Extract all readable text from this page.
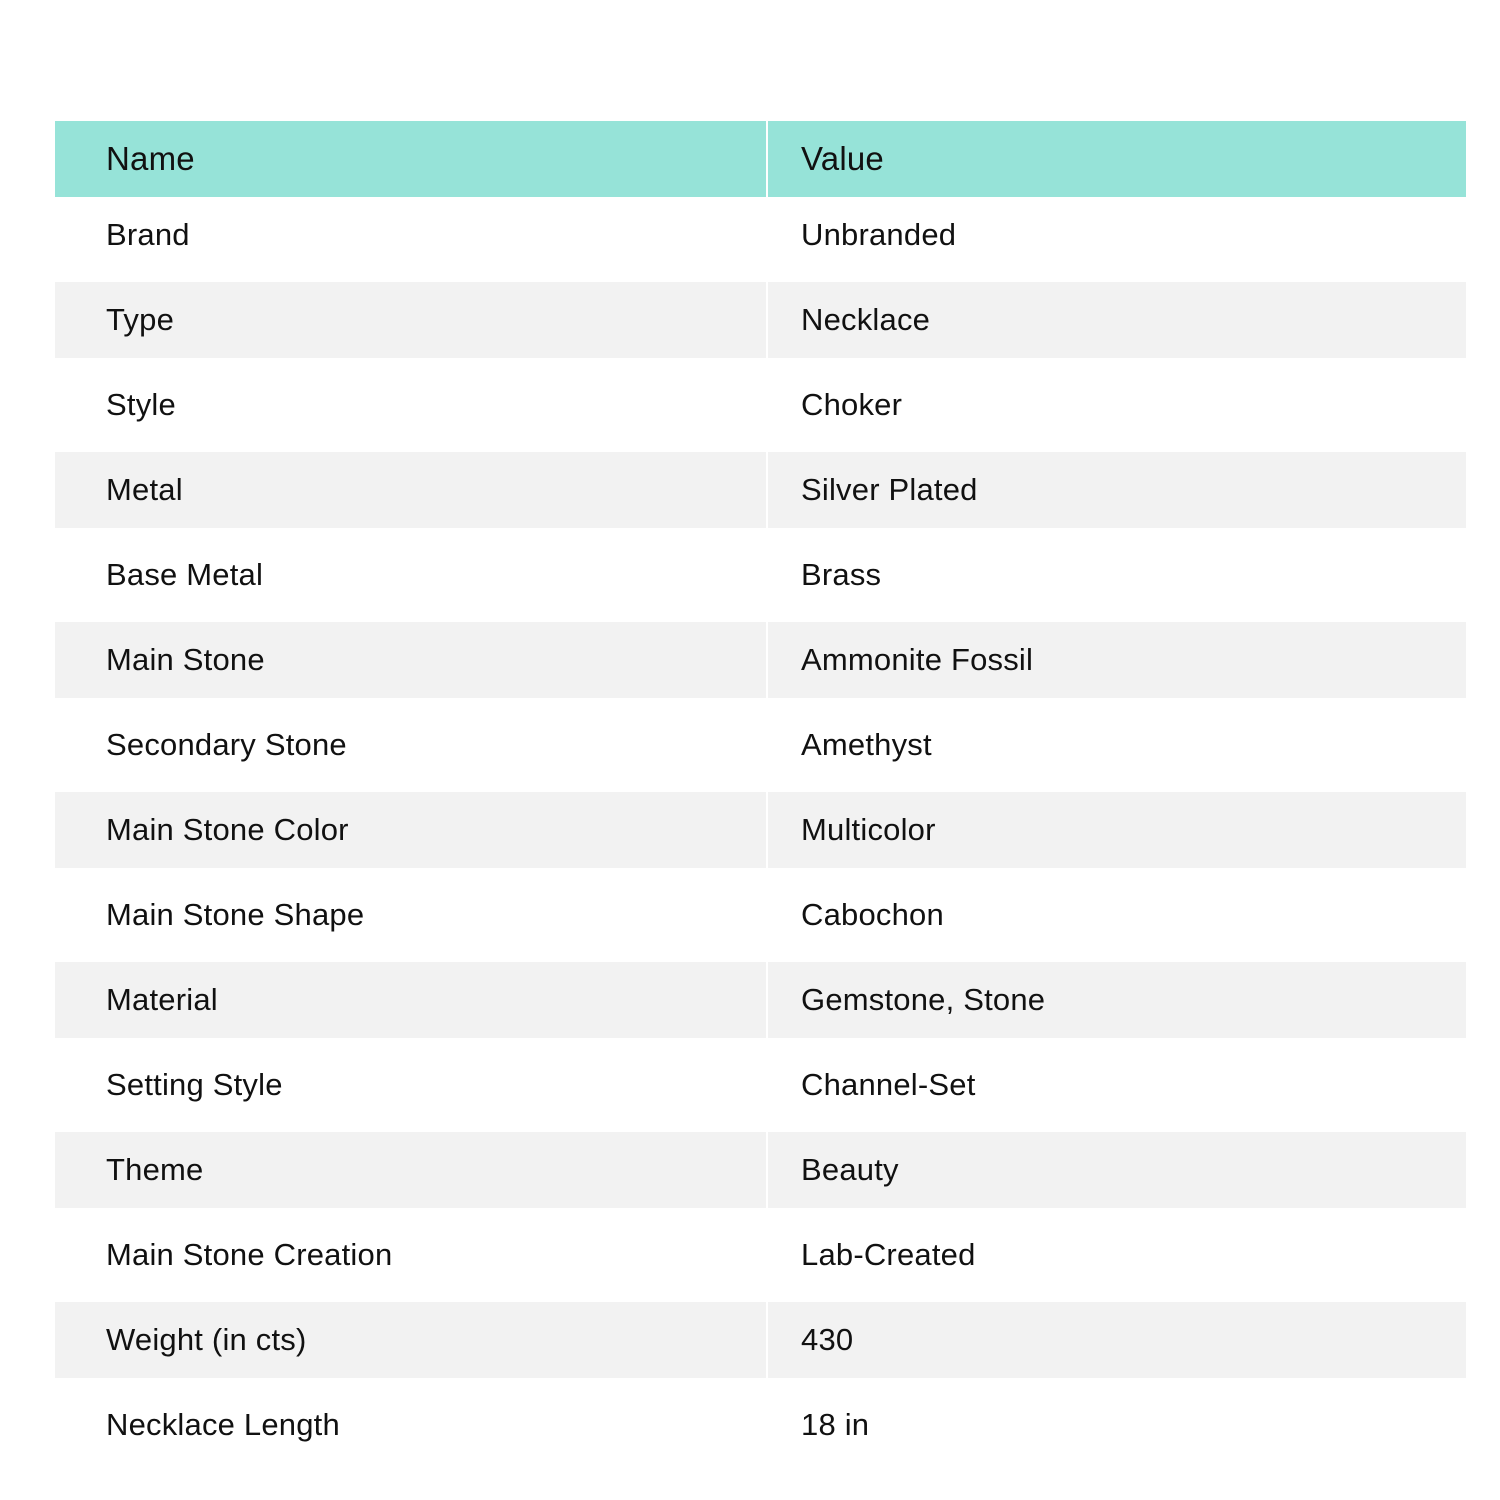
Name	Value
Brand	Unbranded
Type	Necklace
Style	Choker
Metal	Silver Plated
Base Metal	Brass
Main Stone	Ammonite Fossil
Secondary Stone	Amethyst
Main Stone Color	Multicolor
Main Stone Shape	Cabochon
Material	Gemstone, Stone
Setting Style	Channel-Set
Theme	Beauty
Main Stone Creation	Lab-Created
Weight (in cts)	430
Necklace Length	18 in
